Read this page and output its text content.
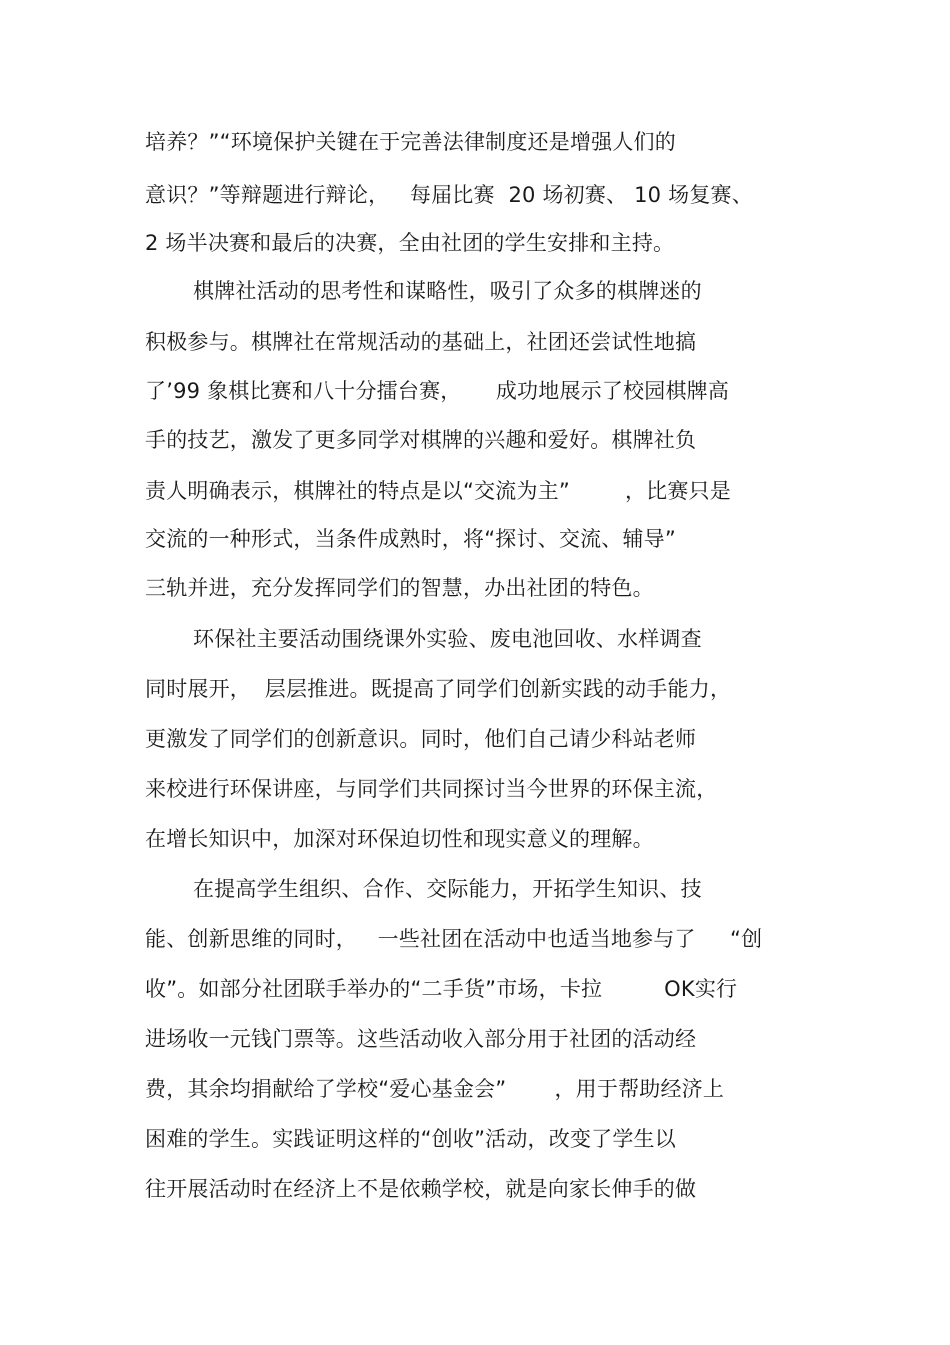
培养？”“环境保护关键在于完善法律制度还是增强人们的
意识？”等辩题进行辩论，   每届比赛  20 场初赛、 10 场复赛、
2 场半决赛和最后的决赛，全由社团的学生安排和主持。
棋牌社活动的思考性和谋略性，吸引了众多的棋牌迷的
积极参与。棋牌社在常规活动的基础上，社团还尝试性地搞
了’99 象棋比赛和八十分擂台赛，     成功地展示了校园棋牌高
手的技艺，激发了更多同学对棋牌的兴趣和爱好。棋牌社负
责人明确表示，棋牌社的特点是以“交流为主”        ，比赛只是
交流的一种形式，当条件成熟时，将“探讨、交流、辅导”
三轨并进，充分发挥同学们的智慧，办出社团的特色。
环保社主要活动围绕课外实验、废电池回收、水样调查
同时展开，  层层推进。既提高了同学们创新实践的动手能力，
更激发了同学们的创新意识。同时，他们自己请少科站老师
来校进行环保讲座，与同学们共同探讨当今世界的环保主流，
在增长知识中，加深对环保迫切性和现实意义的理解。
在提高学生组织、合作、交际能力，开拓学生知识、技
能、创新思维的同时，   一些社团在活动中也适当地参与了     “创
收”。如部分社团联手举办的“二手货”市场，卡拉         OK实行
进场收一元钱门票等。这些活动收入部分用于社团的活动经
费，其余均捐献给了学校“爱心基金会”       ，用于帮助经济上
困难的学生。实践证明这样的“创收”活动，改变了学生以
往开展活动时在经济上不是依赖学校，就是向家长伸手的做
